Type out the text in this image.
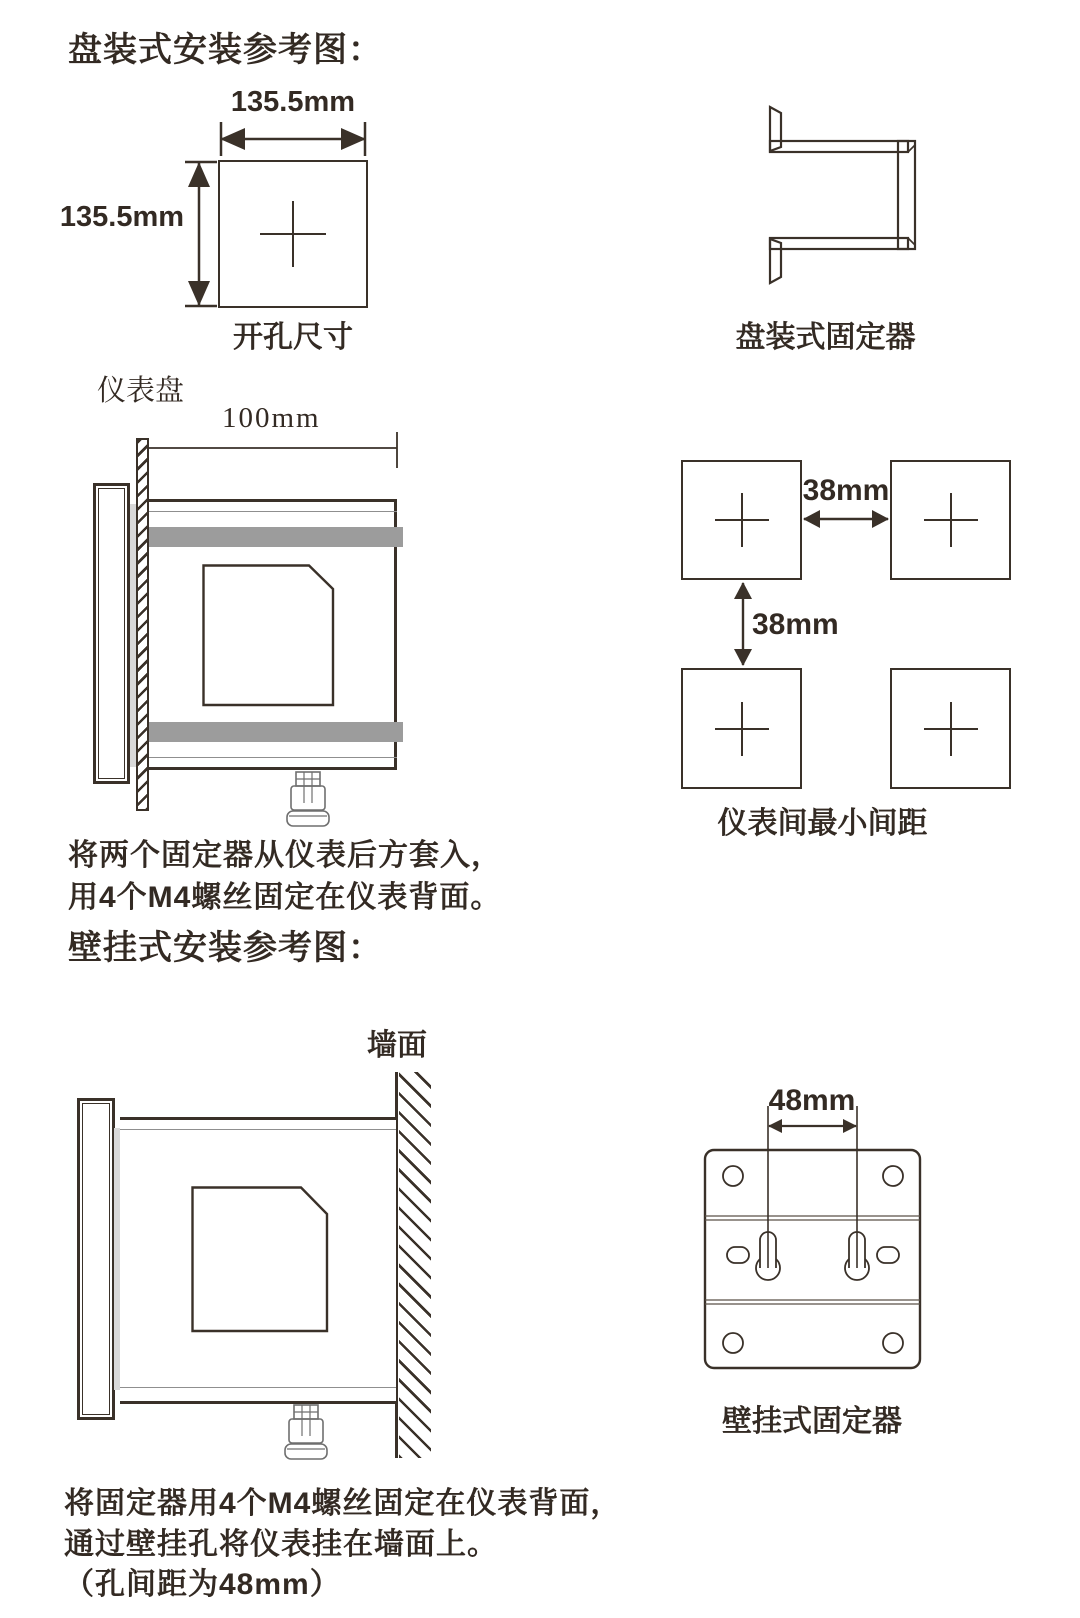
盘装式安装参考图：
135.5mm
135.5mm
开孔尺寸	盘装式固定器
仪表盘
100mm
将两个固定器从仪表后方套入，
用4个M4螺丝固定在仪表背面。
38mm
38mm
仪表间最小间距
壁挂式安装参考图：
墙面
48mm
壁挂式固定器
将固定器用4个M4螺丝固定在仪表背面，
通过壁挂孔将仪表挂在墙面上。
（孔间距为48mm）
